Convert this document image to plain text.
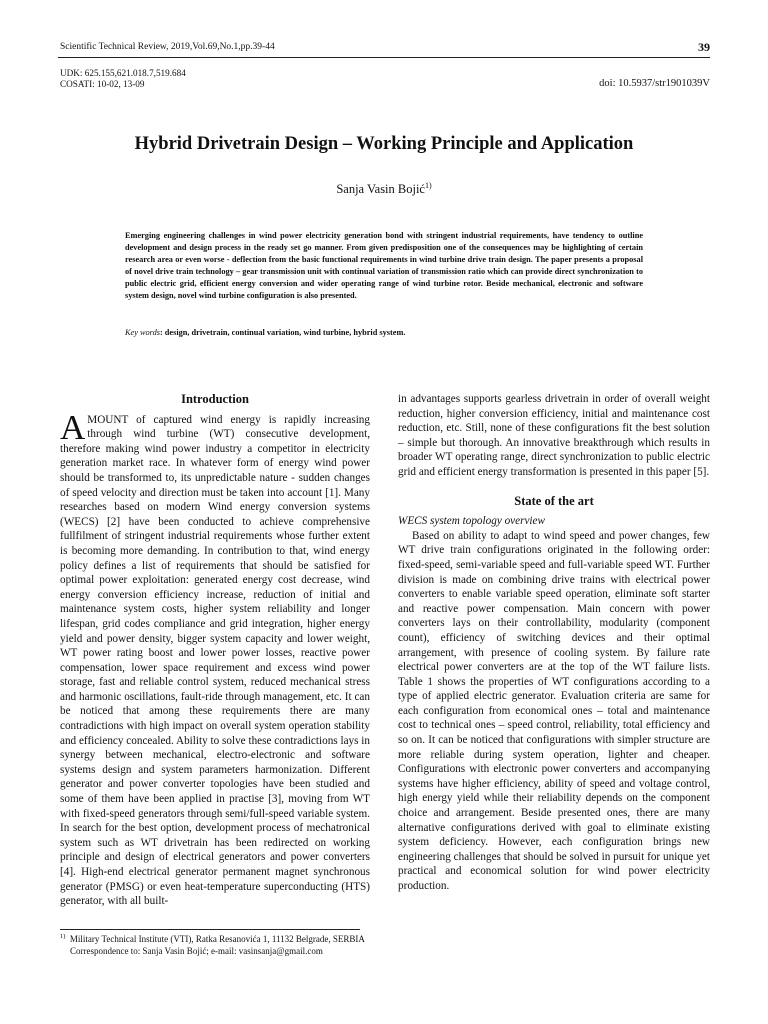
Scientific Technical Review, 2019,Vol.69,No.1,pp.39-44	39
UDK: 625.155,621.018.7,519.684
COSATI: 10-02, 13-09	doi: 10.5937/str1901039V
Hybrid Drivetrain Design – Working Principle and Application
Sanja Vasin Bojić$^{1)}$

Emerging engineering challenges in wind power electricity generation bond with stringent industrial requirements, have tendency to outline development and design process in the ready set go manner. From given predisposition one of the consequences may be highlighting of certain research area or even worse - deflection from the basic functional requirements in wind turbine drive train design. The paper presents a proposal of novel drive train technology – gear transmission unit with continual variation of transmission ratio which can provide direct synchronization to public electric grid, efficient energy conversion and wider operating range of wind turbine rotor. Beside mechanical, electronic and software system design, novel wind turbine configuration is also presented.

Key words: design, drivetrain, continual variation, wind turbine, hybrid system.

Introduction

AMOUNT of captured wind energy is rapidly increasing through wind turbine (WT) consecutive development, therefore making wind power industry a competitor in electricity generation market race. In whatever form of energy wind power should be transformed to, its unpredictable nature - sudden changes of speed velocity and direction must be taken into account [1]. Many researches based on modern Wind energy conversion systems (WECS) [2] have been conducted to achieve comprehensive fullfilment of stringent industrial requirements whose further extent is becoming more demanding. In contribution to that, wind energy policy defines a list of requirements that should be satisfied for optimal power exploitation: generated energy cost decrease, wind energy conversion efficiency increase, reduction of initial and maintenance system costs, higher system reliability and longer lifespan, grid codes compliance and grid integration, higher energy yield and power density, bigger system capacity and lower weight, WT power rating boost and lower power losses, reactive power compensation, lower space requirement and excess wind power storage, fast and reliable control system, reduced mechanical stress and harmonic oscillations, fault-ride through management, etc. It can be noticed that among these requirements there are many contradictions with high impact on overall system operation stability and efficiency concealed. Ability to solve these contradictions lays in synergy between mechanical, electro-electronic and software systems design and system parameters harmonization. Different generator and power converter topologies have been studied and some of them have been applied in practise [3], moving from WT with fixed-speed generators through semi/full-speed variable system. In search for the best option, development process of mechatronical system such as WT drivetrain has been redirected on working principle and design of electrical generators and power converters [4]. High-end electrical generator permanent magnet synchronous generator (PMSG) or even heat-temperature superconducting (HTS) generator, with all built-

in advantages supports gearless drivetrain in order of overall weight reduction, higher conversion efficiency, initial and maintenance cost reduction, etc. Still, none of these configurations fit the best solution – simple but thorough. An innovative breakthrough which results in broader WT operating range, direct synchronization to public electric grid and efficient energy transformation is presented in this paper [5].

State of the art
WECS system topology overview

Based on ability to adapt to wind speed and power changes, few WT drive train configurations originated in the following order: fixed-speed, semi-variable speed and full-variable speed WT. Further division is made on combining drive trains with electrical power converters to enable variable speed operation, eliminate soft starter and reactive power compensation. Main concern with power converters lays on their controllability, modularity (component count), efficiency of switching devices and their optimal arrangement, with presence of cooling system. By failure rate electrical power converters are at the top of the WT failure lists. Table 1 shows the properties of WT configurations according to a type of applied electric generator. Evaluation criteria are same for each configuration from economical ones – total and maintenance cost to technical ones – speed control, reliability, total efficiency and so on. It can be noticed that configurations with simpler structure are more reliable during system operation, lighter and cheaper. Configurations with electronic power converters and accompanying systems have higher efficiency, ability of speed and voltage control, high energy yield while their reliability depends on the component choice and arrangement. Beside presented ones, there are many alternative configurations derived with goal to eliminate existing system deficiency. However, each configuration brings new engineering challenges that should be solved in pursuit for unique yet practical and economical solution for wind power electricity production.

$^{1)}$ Military Technical Institute (VTI), Ratka Resanovića 1, 11132 Belgrade, SERBIA
Correspondence to: Sanja Vasin Bojić; e-mail: vasinsanja@gmail.com
